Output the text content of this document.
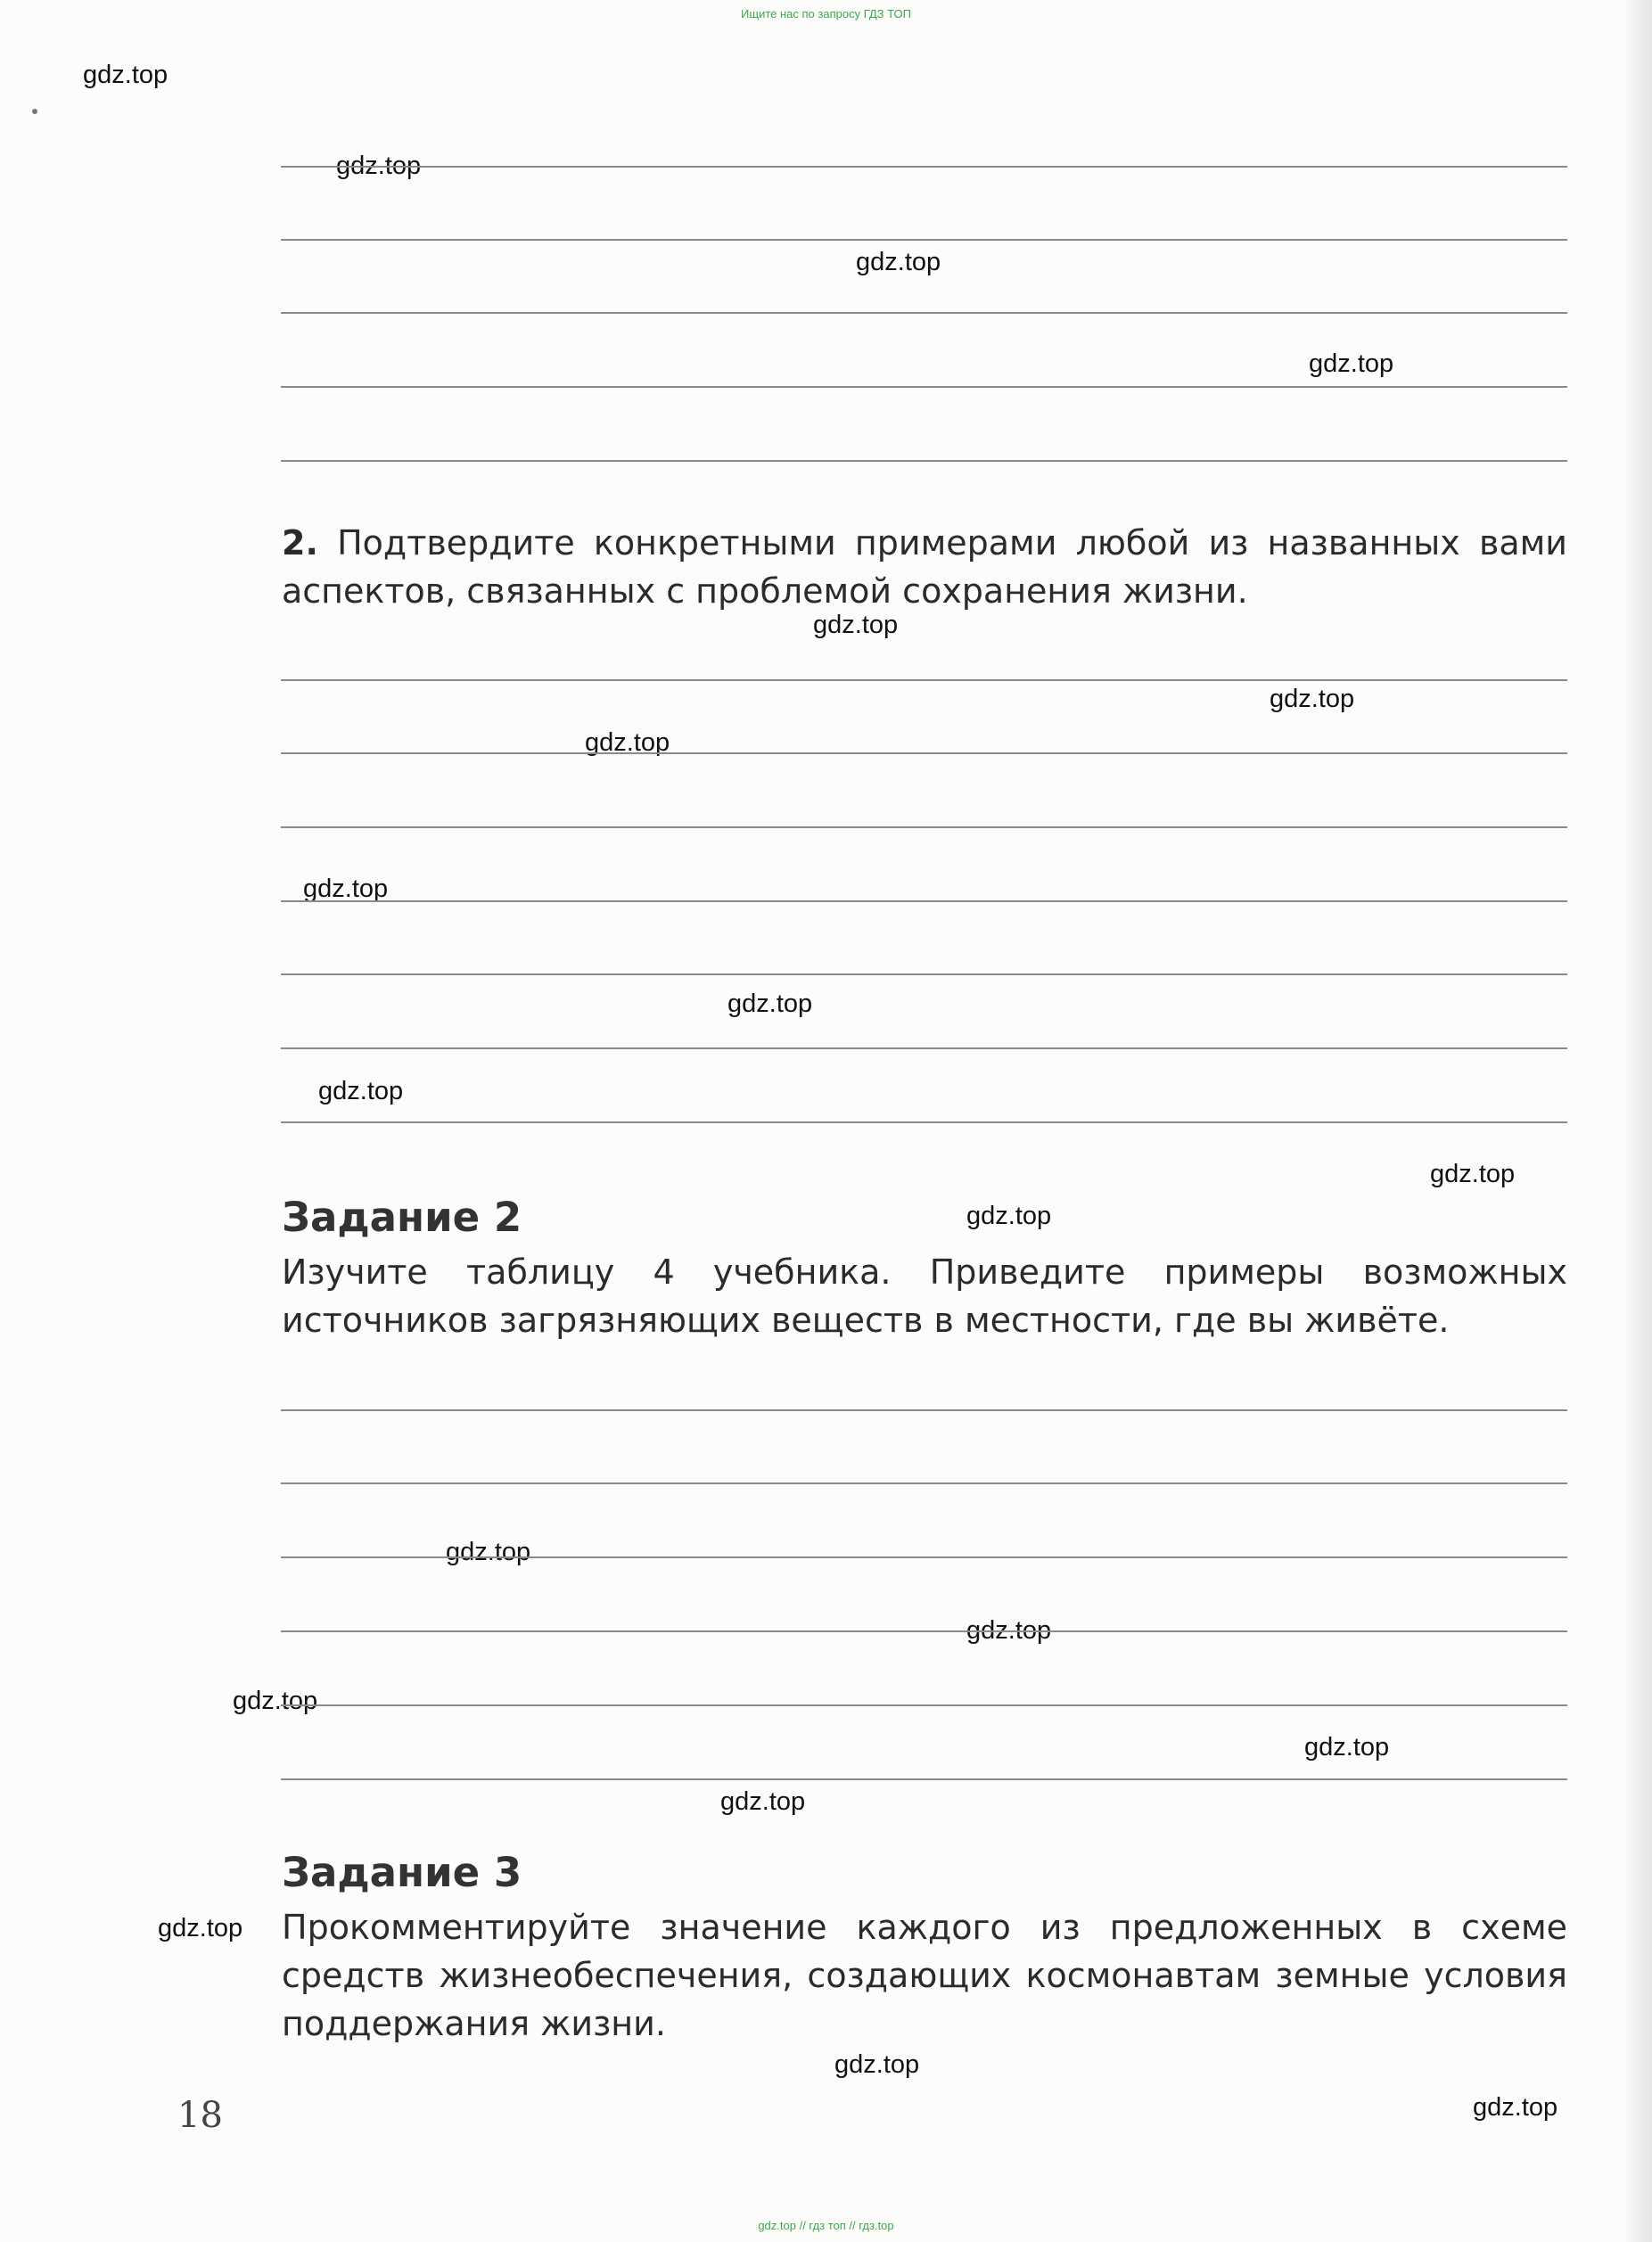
Ищите нас по запросу ГДЗ ТОП
gdz.top
gdz.top
gdz.top
gdz.top
gdz.top
gdz.top
gdz.top
gdz.top
gdz.top
gdz.top
gdz.top
gdz.top
gdz.top
gdz.top
gdz.top
gdz.top
gdz.top
gdz.top
gdz.top
gdz.top
2. Подтвердите конкретными примерами любой из названных вами аспектов, связанных с проблемой сохранения жизни.
Задание 2
Изучите таблицу 4 учебника. Приведите примеры возможных источников загрязняющих веществ в местности, где вы живёте.
Задание 3
Прокомментируйте значение каждого из предложенных в схеме средств жизнеобеспечения, создающих космонавтам земные условия поддержания жизни.
18
gdz.top // гдз топ // гдз.top
